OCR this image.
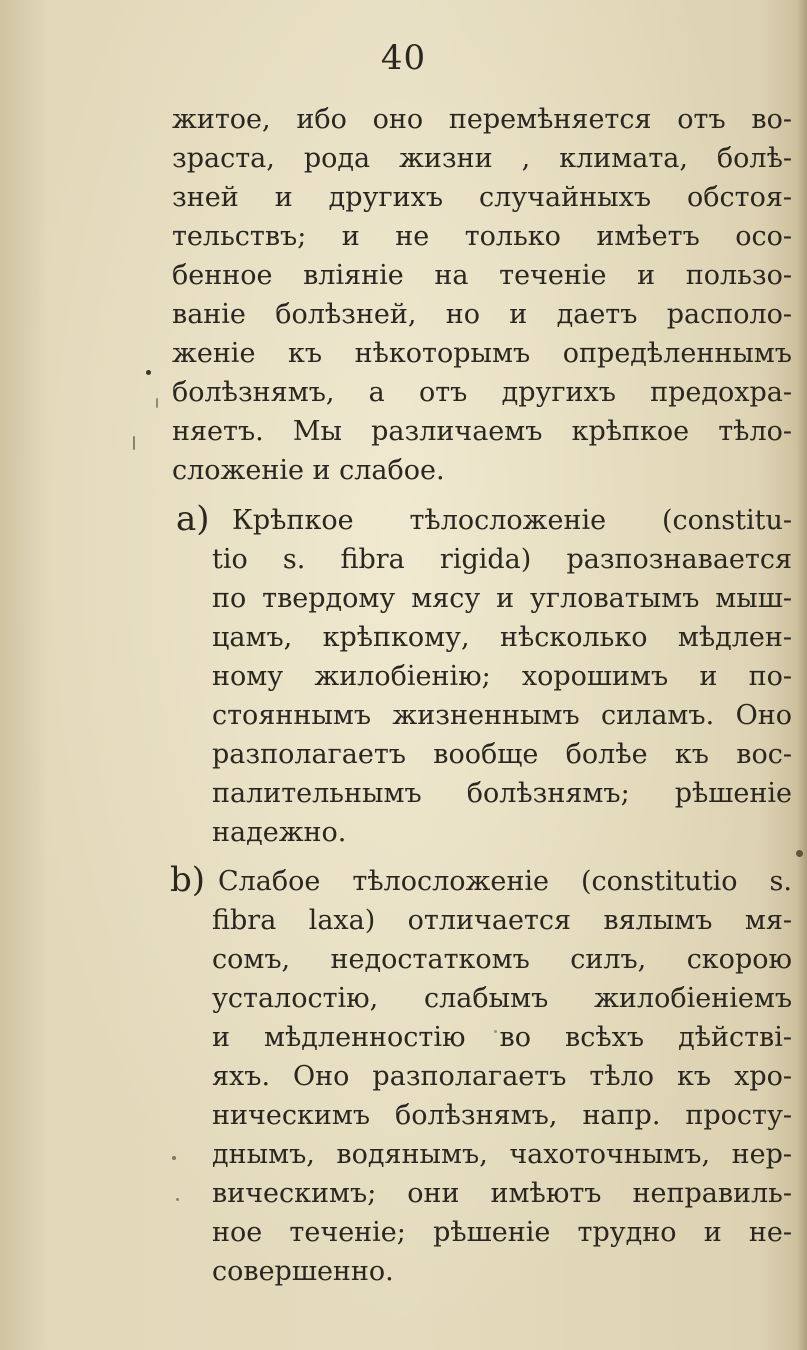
40
житое, ибо оно перемѣняется отъ во-
зраста, рода жизни , климата, болѣ-
зней и другихъ случайныхъ обстоя-
тельствъ; и не только имѣетъ осо-
бенное вліяніе на теченіе и пользо-
ваніе болѣзней, но и даетъ располо-
женіе къ нѣкоторымъ опредѣленнымъ
болѣзнямъ, а отъ другихъ предохра-
няетъ. Мы различаемъ крѣпкое тѣло-
сложеніе и слабое.
a) Крѣпкое тѣлосложеніе (constitu-
tio s. fibra rigida) разпознавается
по твердому мясу и угловатымъ мыш-
цамъ, крѣпкому, нѣсколько мѣдлен-
ному жилобіенію; хорошимъ и по-
стояннымъ жизненнымъ силамъ. Оно
разполагаетъ вообще болѣе къ вос-
палительнымъ болѣзнямъ; рѣшеніе
надежно.
b) Слабое тѣлосложеніе (constitutio s.
fibra laxa) отличается вялымъ мя-
сомъ, недостаткомъ силъ, скорою
усталостію, слабымъ жилобіеніемъ
и мѣдленностію во всѣхъ дѣйстві-
яхъ. Оно разполагаетъ тѣло къ хро-
ническимъ болѣзнямъ, напр. просту-
днымъ, водянымъ, чахоточнымъ, нер-
вическимъ; они имѣютъ неправиль-
ное теченіе; рѣшеніе трудно и не-
совершенно.
